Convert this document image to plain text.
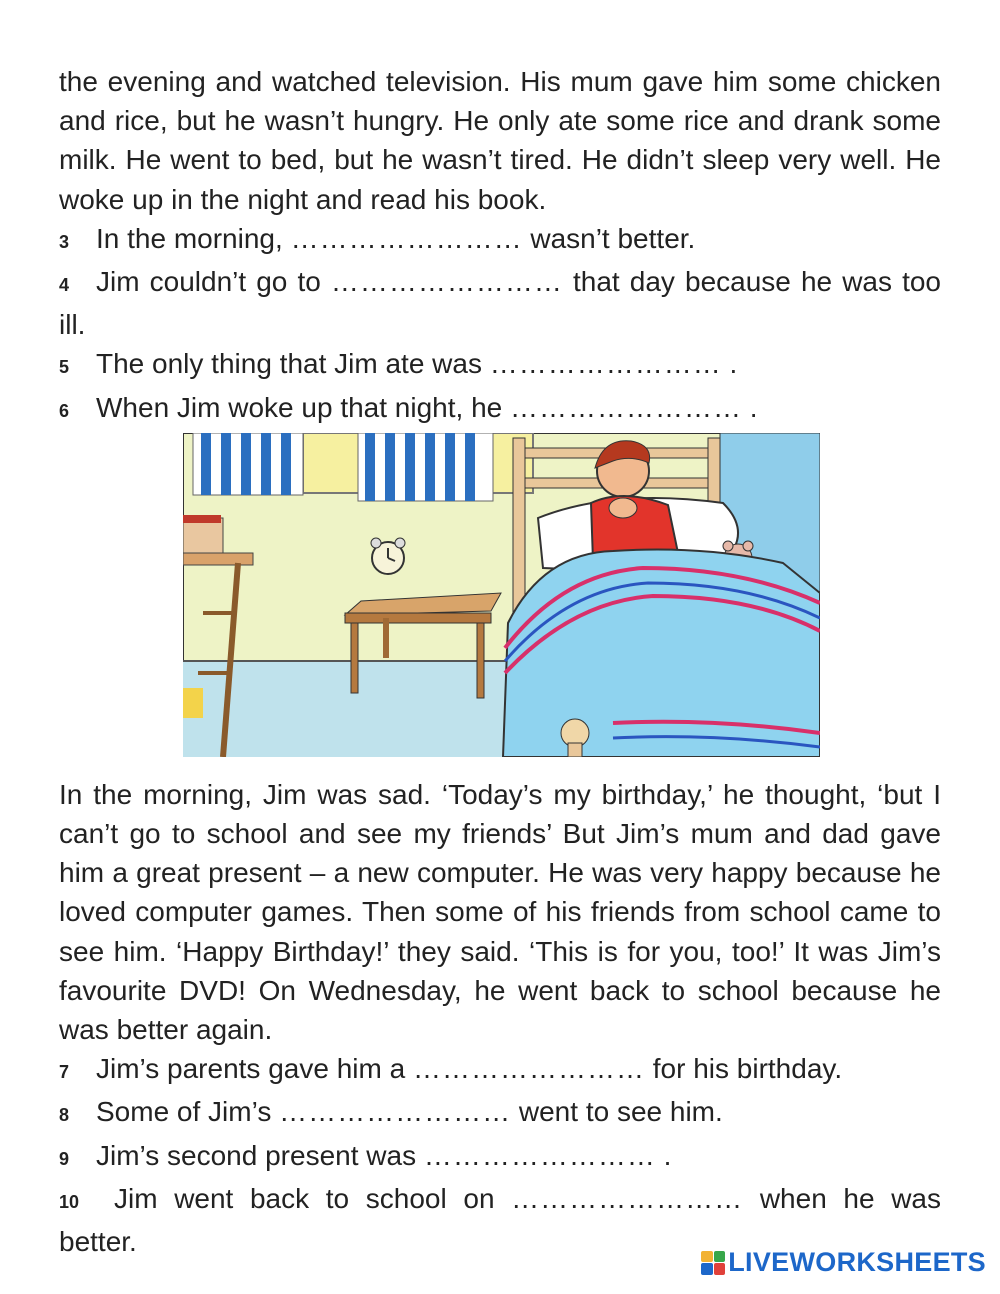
the evening and watched television. His mum gave him some chicken and rice, but he wasn’t hungry. He only ate some rice and drank some milk. He went to bed, but he wasn’t tired. He didn’t sleep very well. He woke up in the night and read his book.

3 In the morning, …………………… wasn’t better.

4 Jim couldn’t go to …………………… that day because he was too ill.

5 The only thing that Jim ate was …………………… .

6 When Jim woke up that night, he …………………… .

In the morning, Jim was sad. ‘Today’s my birthday,’ he thought, ‘but I can’t go to school and see my friends’ But Jim’s mum and dad gave him a great present – a new computer. He was very happy because he loved computer games. Then some of his friends from school came to see him. ‘Happy Birthday!’ they said. ‘This is for you, too!’ It was Jim’s favourite DVD! On Wednesday, he went back to school because he was better again.

7 Jim’s parents gave him a …………………… for his birthday.

8 Some of Jim’s …………………… went to see him.

9 Jim’s second present was …………………… .

10 Jim went back to school on …………………… when he was better.

LIVEWORKSHEETS
